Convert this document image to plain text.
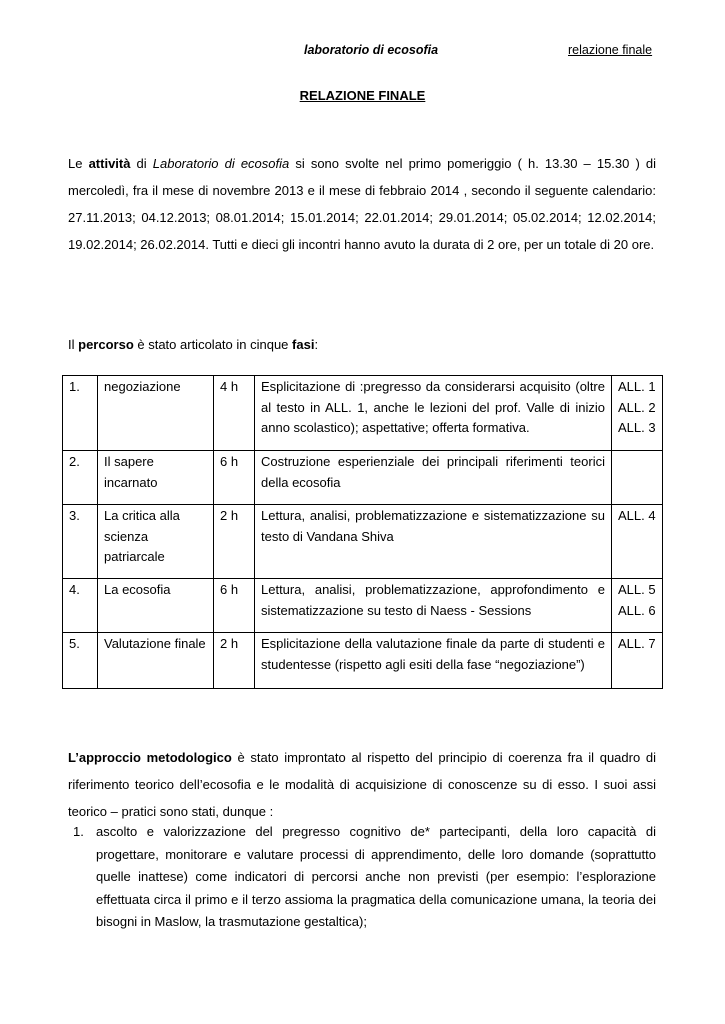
laboratorio di ecosofia	relazione finale
RELAZIONE FINALE
Le attività di Laboratorio di ecosofia si sono svolte nel primo pomeriggio ( h. 13.30 – 15.30 ) di mercoledì, fra il mese di novembre 2013 e il mese di febbraio 2014 , secondo il seguente calendario: 27.11.2013; 04.12.2013; 08.01.2014; 15.01.2014; 22.01.2014; 29.01.2014; 05.02.2014; 12.02.2014; 19.02.2014; 26.02.2014. Tutti e dieci gli incontri hanno avuto la durata di 2 ore, per un totale di 20 ore.
Il percorso è stato articolato in cinque fasi:
1.	negoziazione	4 h	Esplicitazione di :pregresso da considerarsi acquisito (oltre al testo in ALL. 1, anche le lezioni del prof. Valle di inizio anno scolastico); aspettative; offerta formativa.	ALL. 1
ALL. 2
ALL. 3

2.	Il sapere incarnato	6 h	Costruzione esperienziale dei principali riferimenti teorici della ecosofia	
3.	La critica alla scienza patriarcale	2 h	Lettura, analisi, problematizzazione e sistematizzazione su testo di Vandana Shiva	ALL. 4

4.	La ecosofia	6 h	Lettura, analisi, problematizzazione, approfondimento e sistematizzazione su testo di Naess - Sessions	ALL. 5
ALL. 6

5.	Valutazione finale	2 h	Esplicitazione della valutazione finale da parte di studenti e studentesse (rispetto agli esiti della fase “negoziazione”)	ALL. 7
L’approccio metodologico è stato improntato al rispetto del principio di coerenza fra il quadro di riferimento teorico dell’ecosofia e le modalità di acquisizione di conoscenze su di esso. I suoi assi teorico – pratici sono stati, dunque :
1. ascolto e valorizzazione del pregresso cognitivo de* partecipanti, della loro capacità di progettare, monitorare e valutare processi di apprendimento, delle loro domande (soprattutto quelle inattese) come indicatori di percorsi anche non previsti (per esempio: l’esplorazione effettuata circa il primo e il terzo assioma la pragmatica della comunicazione umana, la teoria dei bisogni in Maslow, la trasmutazione gestaltica);
